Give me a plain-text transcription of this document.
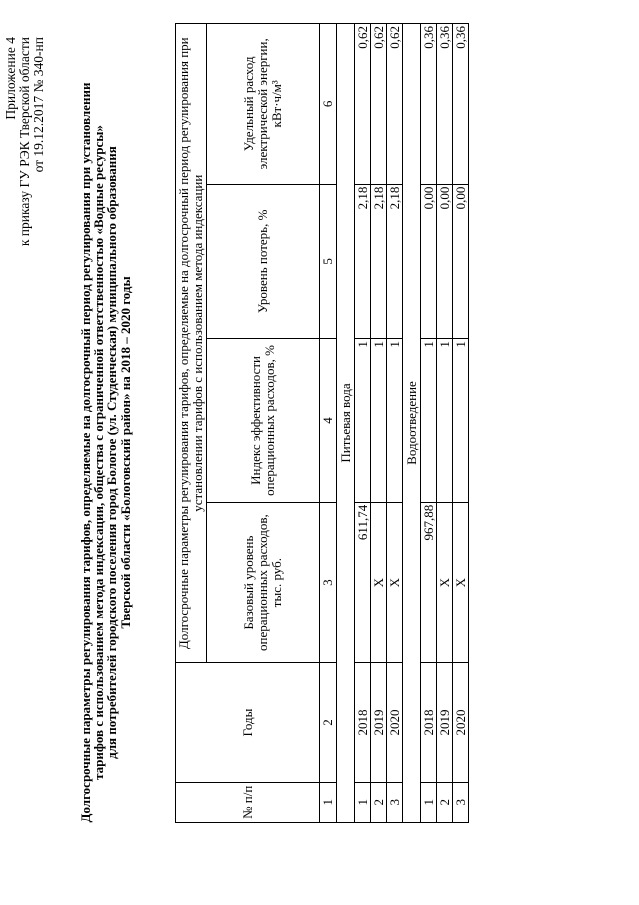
Приложение 4 к приказу ГУ РЭК Тверской области от 19.12.2017 № 340-нп Долгосрочные параметры регулирования тарифов, определяемые на долгосрочный период регулирования при установлении
тарифов с использованием метода индексации, общества с ограниченной ответственностью «Водные ресурсы»
для потребителей городского поселения город Бологое (ул. Студенческая) муниципального образования
Тверской области «Бологовский район» на 2018 – 2020 годы
№ п/п	Годы	Долгосрочные параметры регулирования тарифов, определяемые на долгосрочный период регулирования при установлении тарифов с использованием метода индексации			
		Базовый уровень операционных расходов, тыс. руб.	Индекс эффективности операционных расходов, %	Уровень потерь, %	Удельный расход электрической энергии, кВт·ч/м³
1	2	3	4	5	6
Питьевая вода					
1	2018	611,74	1	2,18	0,62
2	2019	Х	1	2,18	0,62
3	2020	Х	1	2,18	0,62
Водоотведение					
1	2018	967,88	1	0,00	0,36
2	2019	Х	1	0,00	0,36
3	2020	Х	1	0,00	0,36
